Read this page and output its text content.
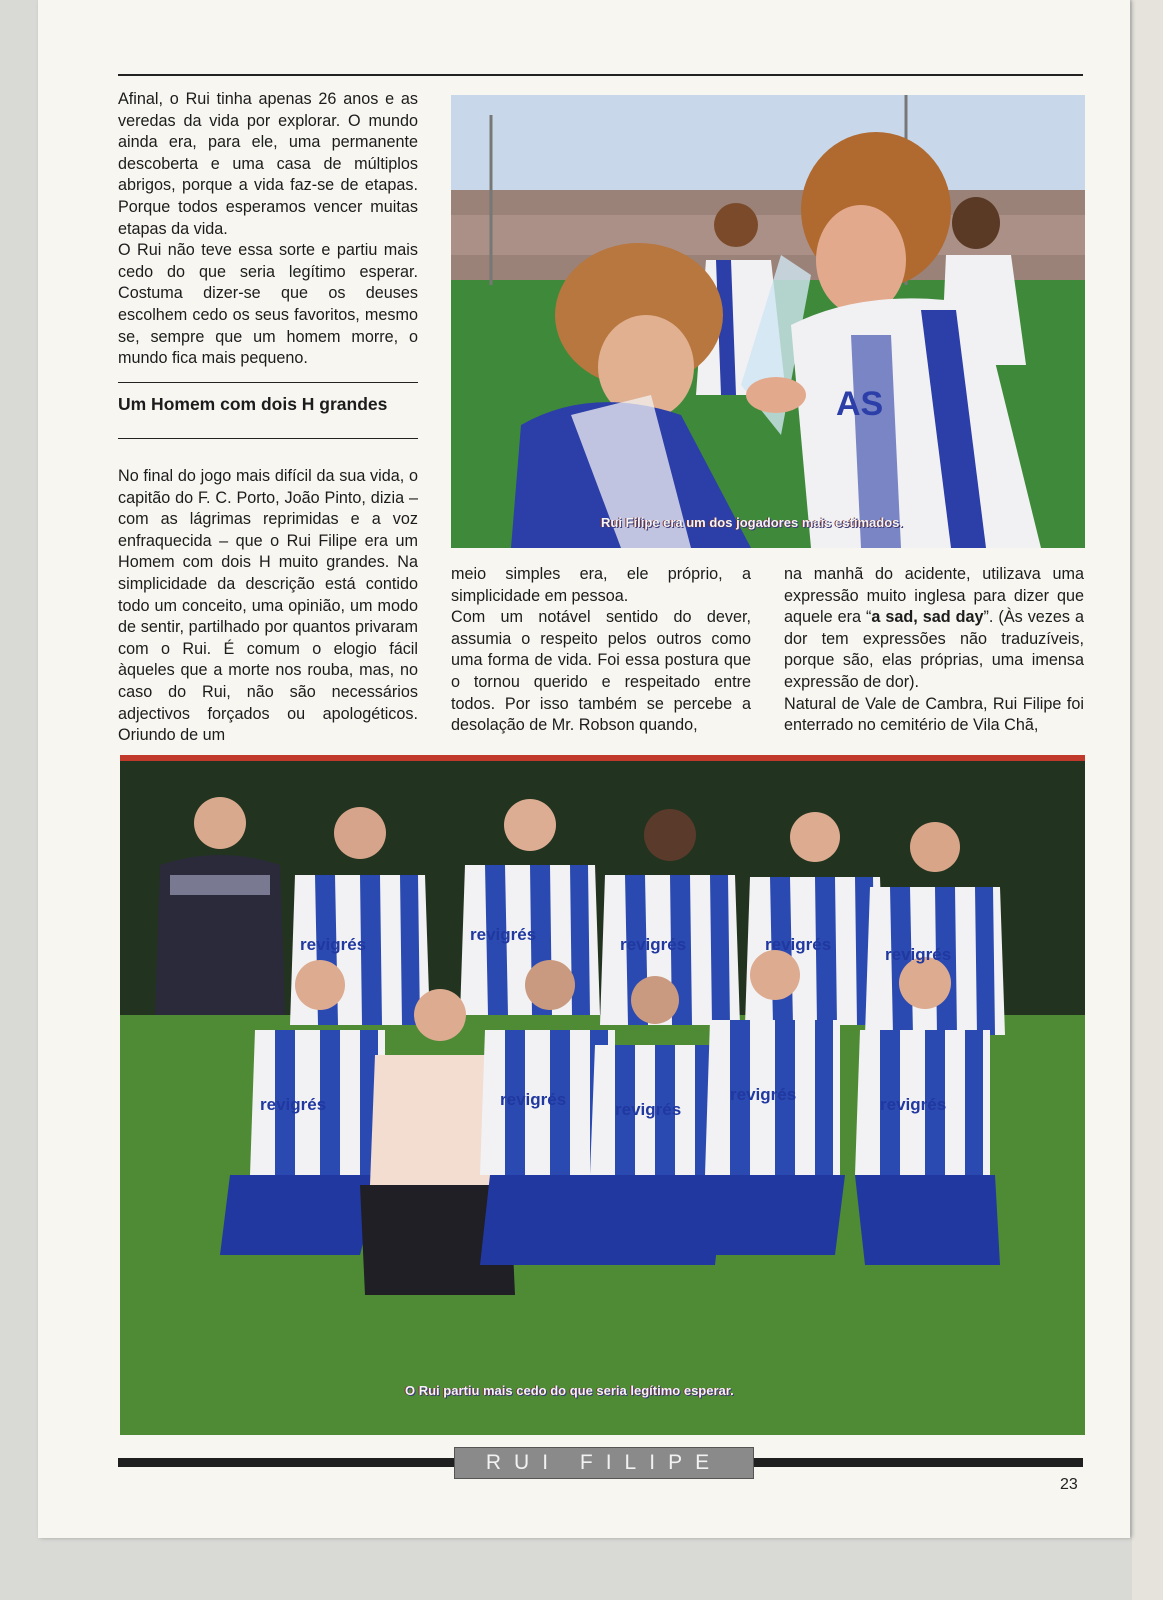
Afinal, o Rui tinha apenas 26 anos e as veredas da vida por explorar. O mundo ainda era, para ele, uma permanente descoberta e uma casa de múltiplos abrigos, porque a vida faz-se de etapas. Porque todos esperamos vencer muitas etapas da vida.

O Rui não teve essa sorte e partiu mais cedo do que seria legítimo esperar. Costuma dizer-se que os deuses escolhem cedo os seus favoritos, mesmo se, sempre que um homem morre, o mundo fica mais pequeno.

Um Homem com dois H grandes

No final do jogo mais difícil da sua vida, o capitão do F. C. Porto, João Pinto, dizia – com as lágrimas reprimidas e a voz enfraquecida – que o Rui Filipe era um Homem com dois H muito grandes. Na simplicidade da descrição está contido todo um conceito, uma opinião, um modo de sentir, partilhado por quantos privaram com o Rui. É comum o elogio fácil àqueles que a morte nos rouba, mas, no caso do Rui, não são necessários adjectivos forçados ou apologéticos. Oriundo de um

meio simples era, ele próprio, a simplicidade em pessoa.

Com um notável sentido do dever, assumia o respeito pelos outros como uma forma de vida. Foi essa postura que o tornou querido e respeitado entre todos. Por isso também se percebe a desolação de Mr. Robson quando,

na manhã do acidente, utilizava uma expressão muito inglesa para dizer que aquele era “a sad, sad day”. (Às vezes a dor tem expressões não traduzíveis, porque são, elas próprias, uma imensa expressão de dor).

Natural de Vale de Cambra, Rui Filipe foi enterrado no cemitério de Vila Chã,

AS
Rui Filipe era um dos jogadores mais estimados.
revigrés
revigrés
revigrés	revigrés
revigrés
revigrés	revigrés
revigrés
revigrés
revigrés
O Rui partiu mais cedo do que seria legítimo esperar.
RUI FILIPE
23
